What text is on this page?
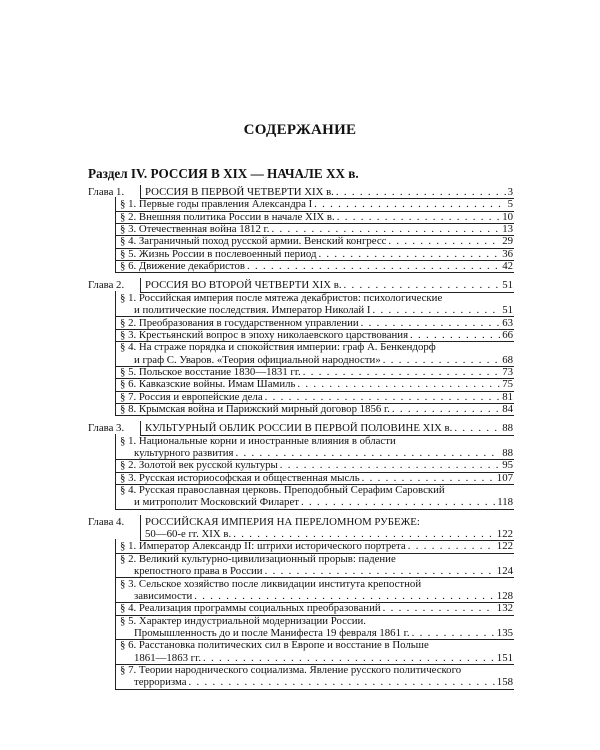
СОДЕРЖАНИЕ
Раздел IV. РОССИЯ В XIX — НАЧАЛЕ XX в.
Глава 1. РОССИЯ В ПЕРВОЙ ЧЕТВЕРТИ XIX в. . . .	3
§ 1. Первые годы правления Александра I . . .	5
§ 2. Внешняя политика России в начале XIX в. . . .	10
§ 3. Отечественная война 1812 г. . . .	13
§ 4. Заграничный поход русской армии. Венский конгресс . . .	29
§ 5. Жизнь России в послевоенный период . . .	36
§ 6. Движение декабристов . . .	42
Глава 2. РОССИЯ ВО ВТОРОЙ ЧЕТВЕРТИ XIX в. . . .	51
§ 1. Российская империя после мятежа декабристов: психологические
и политические последствия. Император Николай I . . .	51
§ 2. Преобразования в государственном управлении . . .	63
§ 3. Крестьянский вопрос в эпоху николаевского царствования . . .	66
§ 4. На страже порядка и спокойствия империи: граф А. Бенкендорф
и граф С. Уваров. «Теория официальной народности» . . .	68
§ 5. Польское восстание 1830—1831 гг. . . .	73
§ 6. Кавказские войны. Имам Шамиль . . .	75
§ 7. Россия и европейские дела . . .	81
§ 8. Крымская война и Парижский мирный договор 1856 г. . . .	84
Глава 3. КУЛЬТУРНЫЙ ОБЛИК РОССИИ В ПЕРВОЙ ПОЛОВИНЕ XIX в. . . .	88
§ 1. Национальные корни и иностранные влияния в области
культурного развития . . .	88
§ 2. Золотой век русской культуры . . .	95
§ 3. Русская историософская и общественная мысль . . .	107
§ 4. Русская православная церковь. Преподобный Серафим Саровский
и митрополит Московский Филарет . . .	118
Глава 4. РОССИЙСКАЯ ИМПЕРИЯ НА ПЕРЕЛОМНОМ РУБЕЖЕ:
50—60-е гг. XIX в. . . .	122
§ 1. Император Александр II: штрихи исторического портрета . . .	122
§ 2. Великий культурно-цивилизационный прорыв: падение
крепостного права в России . . .	124
§ 3. Сельское хозяйство после ликвидации института крепостной
зависимости . . .	128
§ 4. Реализация программы социальных преобразований . . .	132
§ 5. Характер индустриальной модернизации России.
Промышленность до и после Манифеста 19 февраля 1861 г. . . .	135
§ 6. Расстановка политических сил в Европе и восстание в Польше
1861—1863 гг. . . .	151
§ 7. Теории народнического социализма. Явление русского политического
терроризма . . .	158
